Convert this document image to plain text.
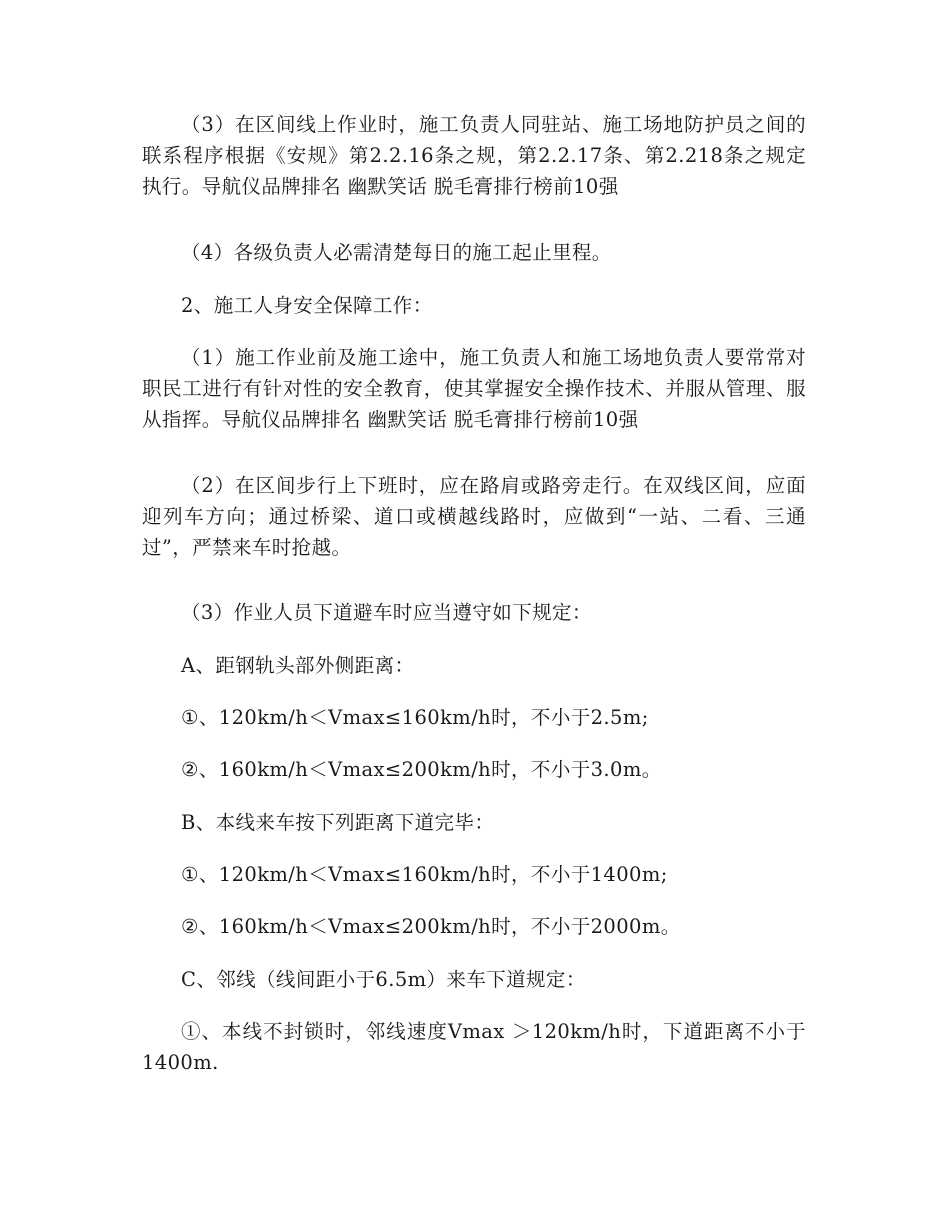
（3）在区间线上作业时，施工负责人同驻站、施工场地防护员之间的联系程序根据《安规》第2.2.16条之规，第2.2.17条、第2.218条之规定执行。导航仪品牌排名 幽默笑话 脱毛膏排行榜前10强

（4）各级负责人必需清楚每日的施工起止里程。

2、施工人身安全保障工作：

（1）施工作业前及施工途中，施工负责人和施工场地负责人要常常对职民工进行有针对性的安全教育，使其掌握安全操作技术、并服从管理、服从指挥。导航仪品牌排名 幽默笑话 脱毛膏排行榜前10强

（2）在区间步行上下班时，应在路肩或路旁走行。在双线区间，应面迎列车方向；通过桥梁、道口或横越线路时，应做到“一站、二看、三通过”，严禁来车时抢越。

（3）作业人员下道避车时应当遵守如下规定：

A、距钢轨头部外侧距离：

①、120km/h＜Vmax≤160km/h时，不小于2.5m;

②、160km/h＜Vmax≤200km/h时，不小于3.0m。

B、本线来车按下列距离下道完毕：

①、120km/h＜Vmax≤160km/h时，不小于1400m;

②、160km/h＜Vmax≤200km/h时，不小于2000m。

C、邻线（线间距小于6.5m）来车下道规定：

①、本线不封锁时，邻线速度Vmax ＞120km/h时，下道距离不小于1400m.
